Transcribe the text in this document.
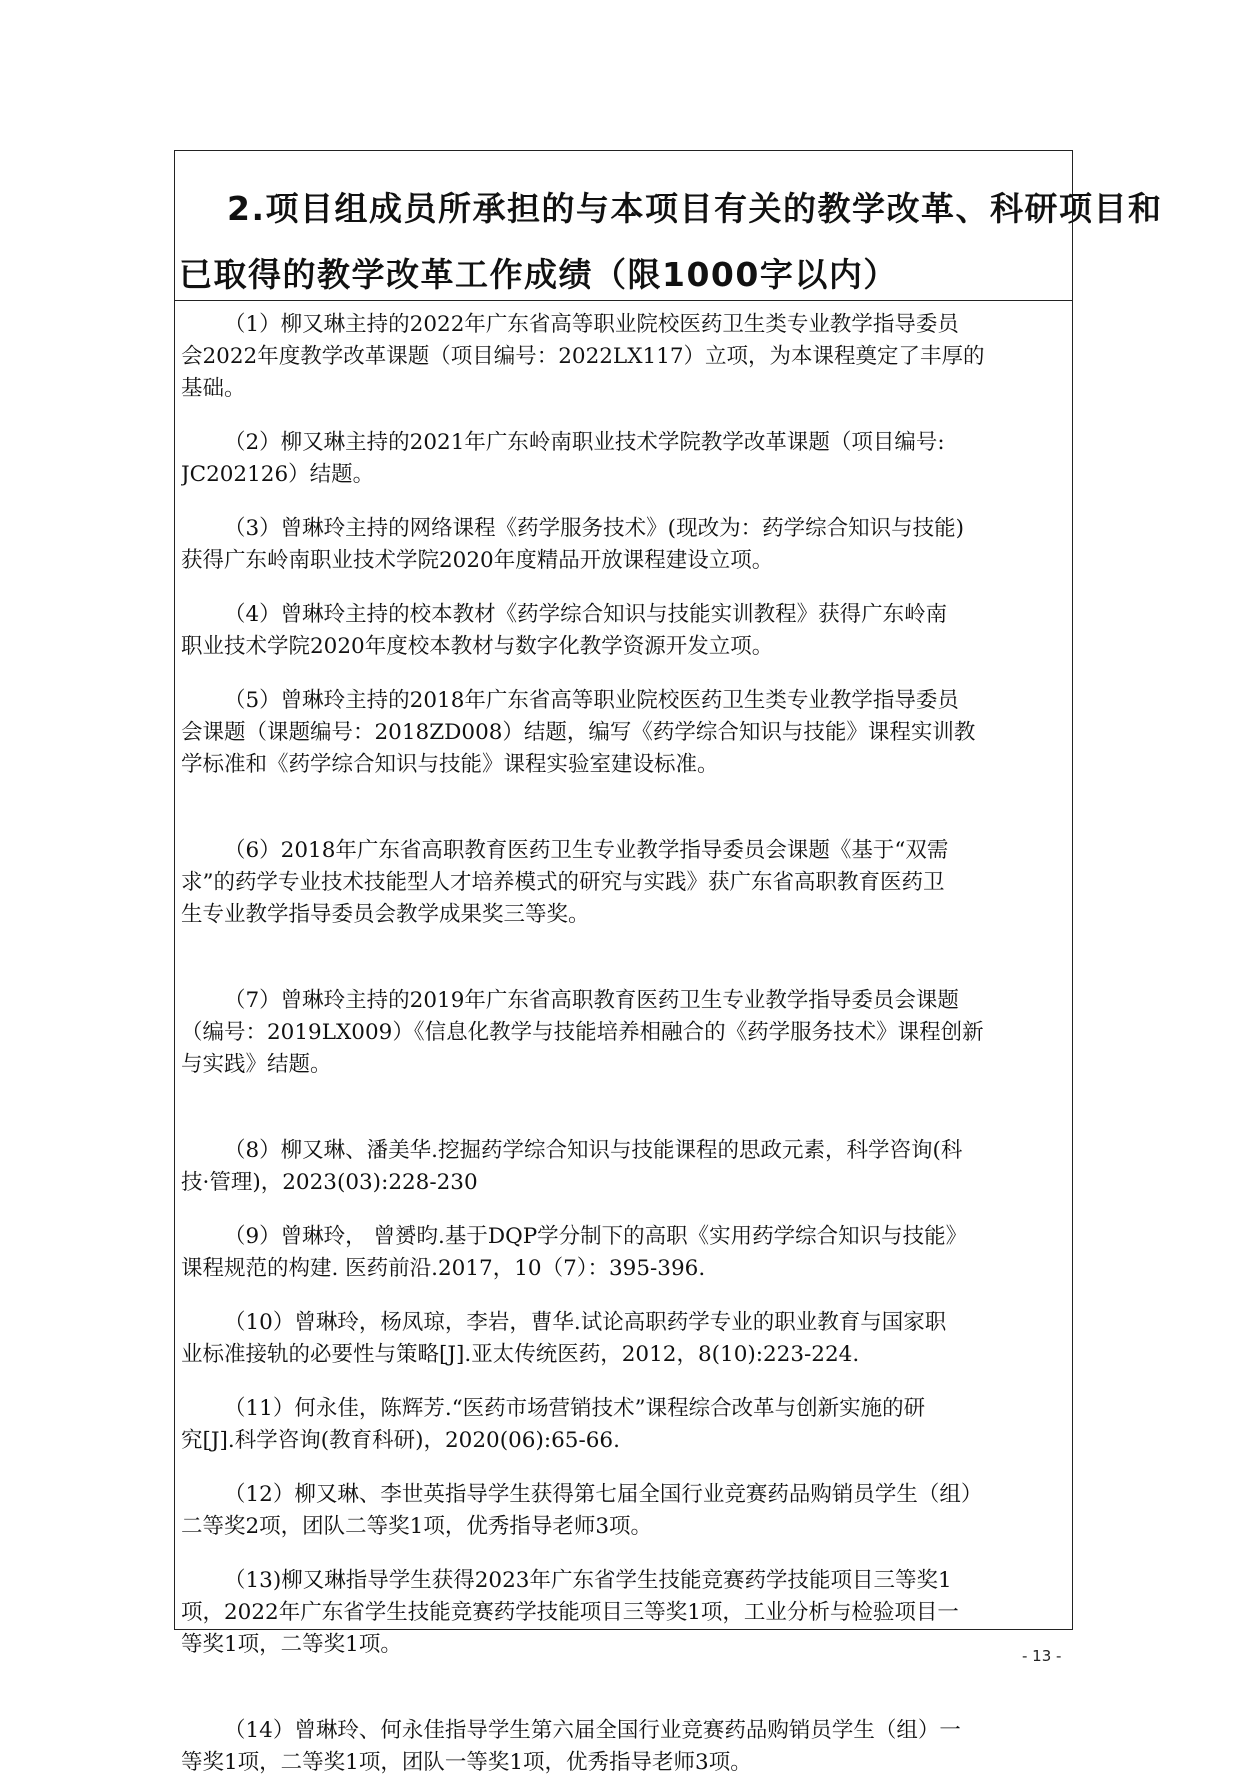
2.项目组成员所承担的与本项目有关的教学改革、科研项目和
已取得的教学改革工作成绩（限1000字以内）
（1）柳又琳主持的2022年广东省高等职业院校医药卫生类专业教学指导委员
会2022年度教学改革课题（项目编号：2022LX117）立项，为本课程奠定了丰厚的
基础。
（2）柳又琳主持的2021年广东岭南职业技术学院教学改革课题（项目编号:
JC202126）结题。
（3）曾琳玲主持的网络课程《药学服务技术》(现改为：药学综合知识与技能)
获得广东岭南职业技术学院2020年度精品开放课程建设立项。
（4）曾琳玲主持的校本教材《药学综合知识与技能实训教程》获得广东岭南
职业技术学院2020年度校本教材与数字化教学资源开发立项。
（5）曾琳玲主持的2018年广东省高等职业院校医药卫生类专业教学指导委员
会课题（课题编号：2018ZD008）结题，编写《药学综合知识与技能》课程实训教
学标准和《药学综合知识与技能》课程实验室建设标准。
（6）2018年广东省高职教育医药卫生专业教学指导委员会课题《基于“双需
求”的药学专业技术技能型人才培养模式的研究与实践》获广东省高职教育医药卫
生专业教学指导委员会教学成果奖三等奖。
（7）曾琳玲主持的2019年广东省高职教育医药卫生专业教学指导委员会课题
（编号：2019LX009）《信息化教学与技能培养相融合的《药学服务技术》课程创新
与实践》结题。
（8）柳又琳、潘美华.挖掘药学综合知识与技能课程的思政元素，科学咨询(科
技·管理)，2023(03):228-230
（9）曾琳玲， 曾赟昀.基于DQP学分制下的高职《实用药学综合知识与技能》
课程规范的构建. 医药前沿.2017，10（7）：395-396.
（10）曾琳玲，杨凤琼，李岩，曹华.试论高职药学专业的职业教育与国家职
业标准接轨的必要性与策略[J].亚太传统医药，2012，8(10):223-224.
（11）何永佳，陈辉芳.“医药市场营销技术”课程综合改革与创新实施的研
究[J].科学咨询(教育科研)，2020(06):65-66.
（12）柳又琳、李世英指导学生获得第七届全国行业竞赛药品购销员学生（组）
二等奖2项，团队二等奖1项，优秀指导老师3项。
（13)柳又琳指导学生获得2023年广东省学生技能竞赛药学技能项目三等奖1
项，2022年广东省学生技能竞赛药学技能项目三等奖1项，工业分析与检验项目一
等奖1项，二等奖1项。
（14）曾琳玲、何永佳指导学生第六届全国行业竞赛药品购销员学生（组）一
等奖1项，二等奖1项，团队一等奖1项，优秀指导老师3项。
- 13 -
